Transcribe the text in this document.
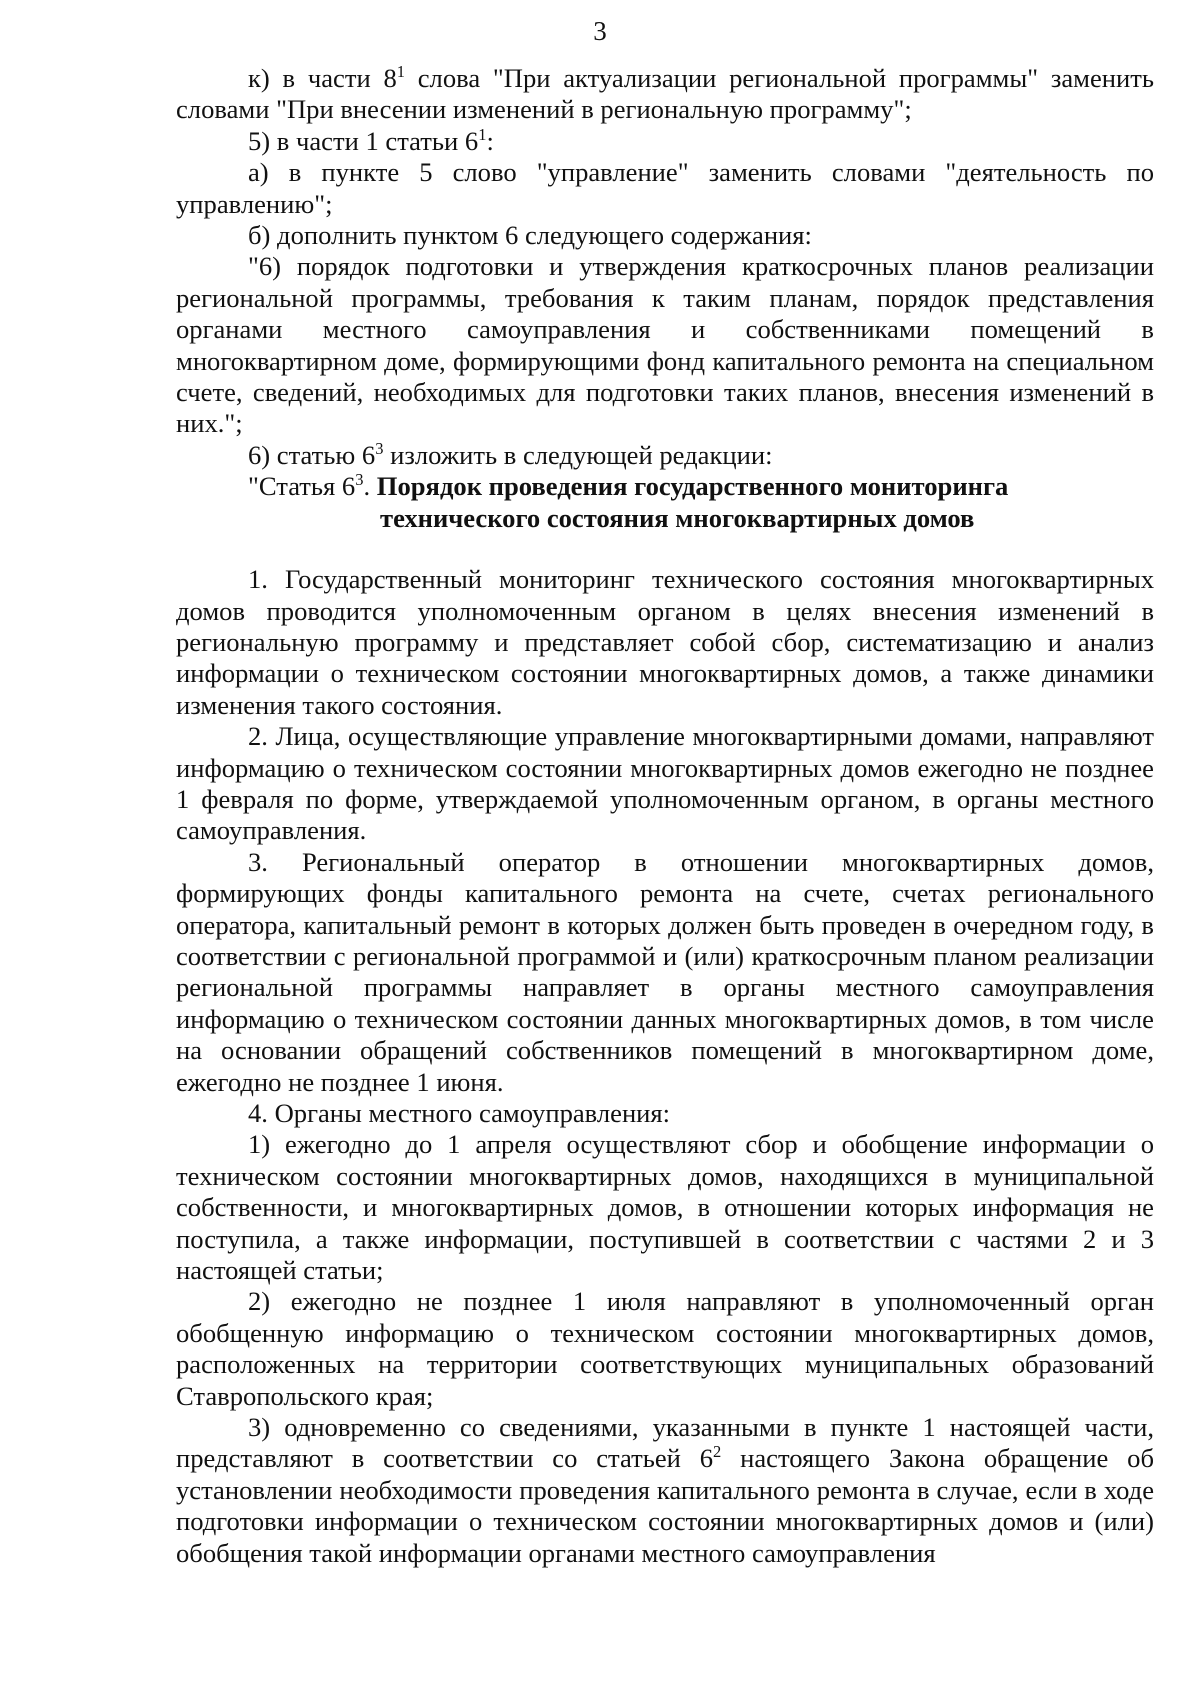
3

к) в части $8^1$ слова "При актуализации региональной программы" заменить словами "При внесении изменений в региональную программу";

5) в части 1 статьи $6^1$:

а) в пункте 5 слово "управление" заменить словами "деятельность по управлению";

б) дополнить пунктом 6 следующего содержания:

"6) порядок подготовки и утверждения краткосрочных планов реализации региональной программы, требования к таким планам, порядок представления органами местного самоуправления и собственниками помещений в многоквартирном доме, формирующими фонд капитального ремонта на специальном счете, сведений, необходимых для подготовки таких планов, внесения изменений в них.";

6) статью $6^3$ изложить в следующей редакции:

"Статья $6^3$. Порядок проведения государственного мониторинга
технического состояния многоквартирных домов

1. Государственный мониторинг технического состояния многоквартирных домов проводится уполномоченным органом в целях внесения изменений в региональную программу и представляет собой сбор, систематизацию и анализ информации о техническом состоянии многоквартирных домов, а также динамики изменения такого состояния.

2. Лица, осуществляющие управление многоквартирными домами, направляют информацию о техническом состоянии многоквартирных домов ежегодно не позднее 1 февраля по форме, утверждаемой уполномоченным органом, в органы местного самоуправления.

3. Региональный оператор в отношении многоквартирных домов, формирующих фонды капитального ремонта на счете, счетах регионального оператора, капитальный ремонт в которых должен быть проведен в очередном году, в соответствии с региональной программой и (или) краткосрочным планом реализации региональной программы направляет в органы местного самоуправления информацию о техническом состоянии данных многоквартирных домов, в том числе на основании обращений собственников помещений в многоквартирном доме, ежегодно не позднее 1 июня.

4. Органы местного самоуправления:

1) ежегодно до 1 апреля осуществляют сбор и обобщение информации о техническом состоянии многоквартирных домов, находящихся в муниципальной собственности, и многоквартирных домов, в отношении которых информация не поступила, а также информации, поступившей в соответствии с частями 2 и 3 настоящей статьи;

2) ежегодно не позднее 1 июля направляют в уполномоченный орган обобщенную информацию о техническом состоянии многоквартирных домов, расположенных на территории соответствующих муниципальных образований Ставропольского края;

3) одновременно со сведениями, указанными в пункте 1 настоящей части, представляют в соответствии со статьей $6^2$ настоящего Закона обращение об установлении необходимости проведения капитального ремонта в случае, если в ходе подготовки информации о техническом состоянии многоквартирных домов и (или) обобщения такой информации органами местного самоуправления
